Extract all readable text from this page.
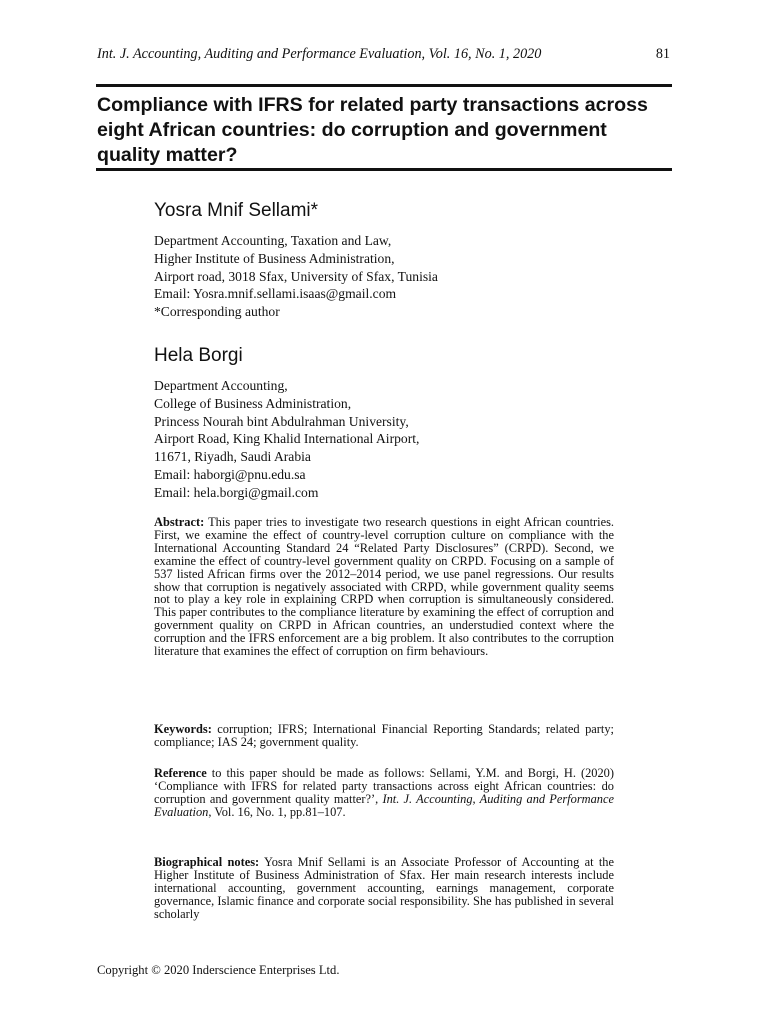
Int. J. Accounting, Auditing and Performance Evaluation, Vol. 16, No. 1, 2020	81
Compliance with IFRS for related party transactions across eight African countries: do corruption and government quality matter?
Yosra Mnif Sellami*
Department Accounting, Taxation and Law,
Higher Institute of Business Administration,
Airport road, 3018 Sfax, University of Sfax, Tunisia
Email: Yosra.mnif.sellami.isaas@gmail.com
*Corresponding author
Hela Borgi
Department Accounting,
College of Business Administration,
Princess Nourah bint Abdulrahman University,
Airport Road, King Khalid International Airport,
11671, Riyadh, Saudi Arabia
Email: haborgi@pnu.edu.sa
Email: hela.borgi@gmail.com

Abstract: This paper tries to investigate two research questions in eight African countries. First, we examine the effect of country-level corruption culture on compliance with the International Accounting Standard 24 “Related Party Disclosures” (CRPD). Second, we examine the effect of country-level government quality on CRPD. Focusing on a sample of 537 listed African firms over the 2012–2014 period, we use panel regressions. Our results show that corruption is negatively associated with CRPD, while government quality seems not to play a key role in explaining CRPD when corruption is simultaneously considered. This paper contributes to the compliance literature by examining the effect of corruption and government quality on CRPD in African countries, an understudied context where the corruption and the IFRS enforcement are a big problem. It also contributes to the corruption literature that examines the effect of corruption on firm behaviours.

Keywords: corruption; IFRS; International Financial Reporting Standards; related party; compliance; IAS 24; government quality.

Reference to this paper should be made as follows: Sellami, Y.M. and Borgi, H. (2020) ‘Compliance with IFRS for related party transactions across eight African countries: do corruption and government quality matter?’, Int. J. Accounting, Auditing and Performance Evaluation, Vol. 16, No. 1, pp.81–107.

Biographical notes: Yosra Mnif Sellami is an Associate Professor of Accounting at the Higher Institute of Business Administration of Sfax. Her main research interests include international accounting, government accounting, earnings management, corporate governance, Islamic finance and corporate social responsibility. She has published in several scholarly

Copyright © 2020 Inderscience Enterprises Ltd.
